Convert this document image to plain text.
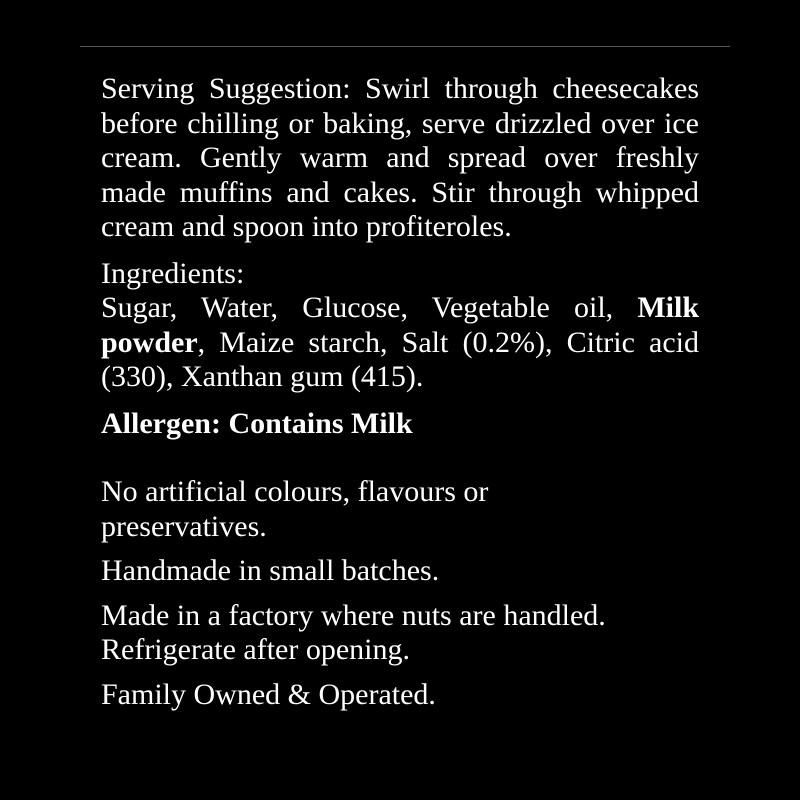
Serving Suggestion: Swirl through cheesecakes before chilling or baking, serve drizzled over ice cream. Gently warm and spread over freshly made muffins and cakes. Stir through whipped cream and spoon into profiteroles.

Ingredients:

Sugar, Water, Glucose, Vegetable oil, Milk powder, Maize starch, Salt (0.2%), Citric acid (330), Xanthan gum (415).

Allergen: Contains Milk

No artificial colours, flavours or preservatives.

Handmade in small batches.

Made in a factory where nuts are handled. Refrigerate after opening.

Family Owned & Operated.
